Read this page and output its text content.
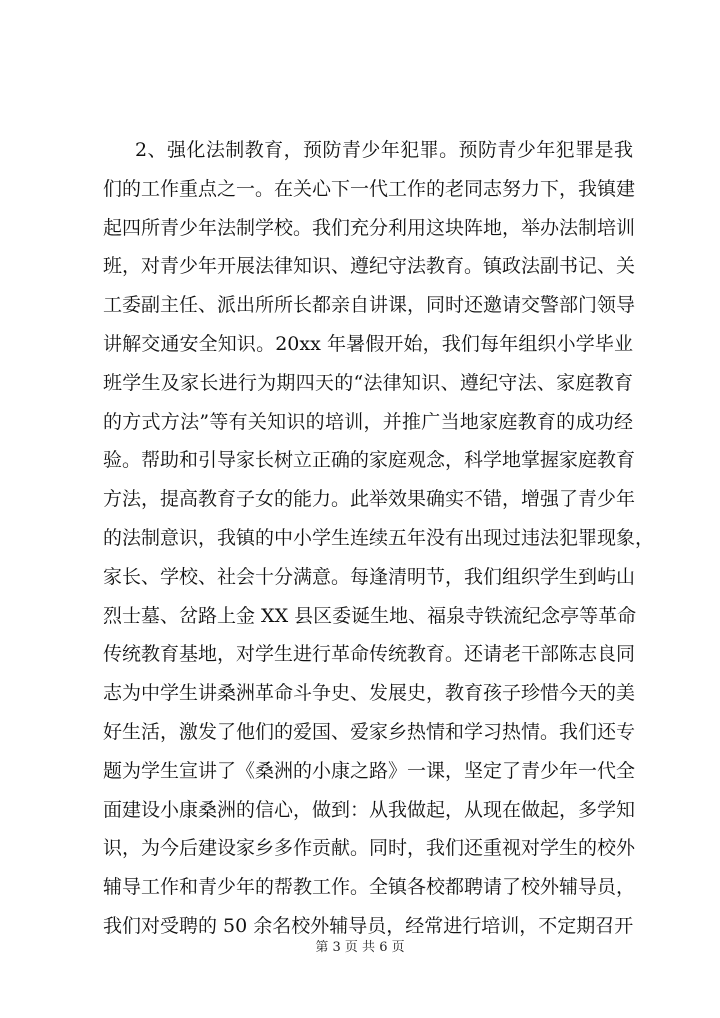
2、强化法制教育，预防青少年犯罪。预防青少年犯罪是我
们的工作重点之一。在关心下一代工作的老同志努力下，我镇建
起四所青少年法制学校。我们充分利用这块阵地，举办法制培训
班，对青少年开展法律知识、遵纪守法教育。镇政法副书记、关
工委副主任、派出所所长都亲自讲课，同时还邀请交警部门领导
讲解交通安全知识。20xx 年暑假开始，我们每年组织小学毕业
班学生及家长进行为期四天的“法律知识、遵纪守法、家庭教育
的方式方法”等有关知识的培训，并推广当地家庭教育的成功经
验。帮助和引导家长树立正确的家庭观念，科学地掌握家庭教育
方法，提高教育子女的能力。此举效果确实不错，增强了青少年
的法制意识，我镇的中小学生连续五年没有出现过违法犯罪现象，
家长、学校、社会十分满意。每逢清明节，我们组织学生到屿山
烈士墓、岔路上金 XX 县区委诞生地、福泉寺铁流纪念亭等革命
传统教育基地，对学生进行革命传统教育。还请老干部陈志良同
志为中学生讲桑洲革命斗争史、发展史，教育孩子珍惜今天的美
好生活，激发了他们的爱国、爱家乡热情和学习热情。我们还专
题为学生宣讲了《桑洲的小康之路》一课，坚定了青少年一代全
面建设小康桑洲的信心，做到：从我做起，从现在做起，多学知
识，为今后建设家乡多作贡献。同时，我们还重视对学生的校外
辅导工作和青少年的帮教工作。全镇各校都聘请了校外辅导员，
我们对受聘的 50 余名校外辅导员，经常进行培训，不定期召开
第 3 页 共 6 页
